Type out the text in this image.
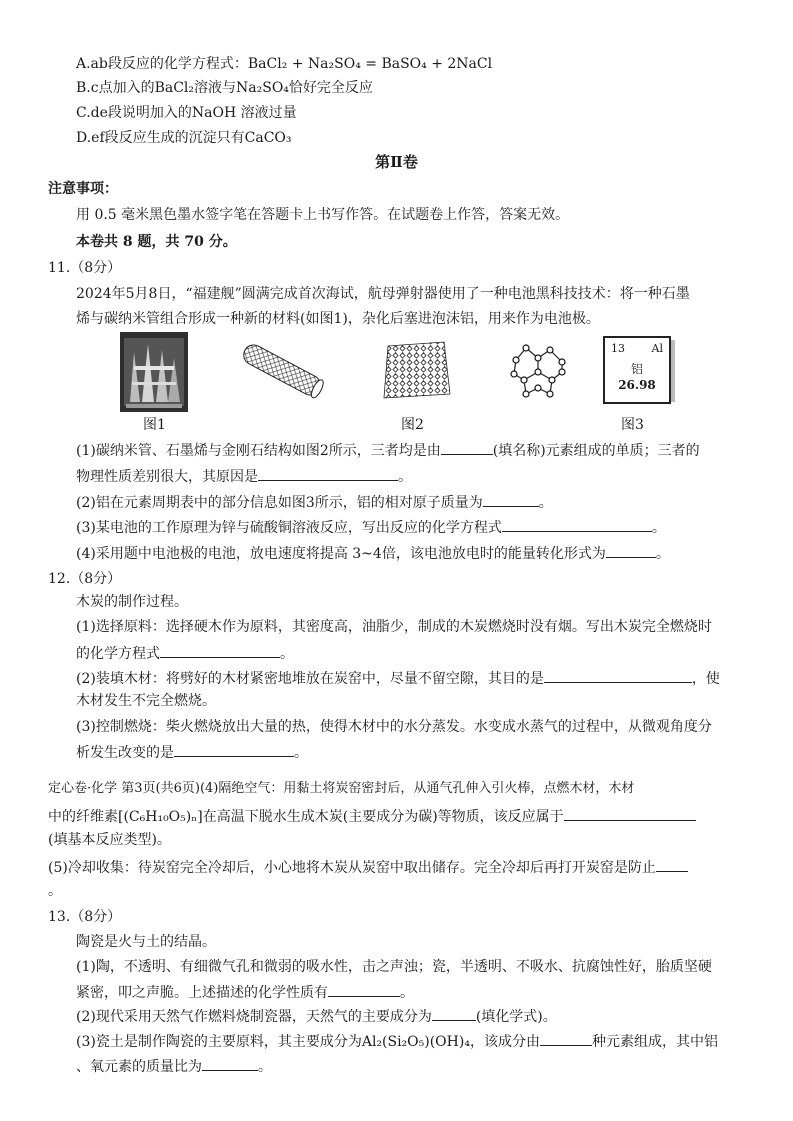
A.ab段反应的化学方程式：BaCl₂ + Na₂SO₄ = BaSO₄ + 2NaCl
B.c点加入的BaCl₂溶液与Na₂SO₄恰好完全反应
C.de段说明加入的NaOH 溶液过量
D.ef段反应生成的沉淀只有CaCO₃
第Ⅱ卷
注意事项：
用 0.5 毫米黑色墨水签字笔在答题卡上书写作答。在试题卷上作答，答案无效。
本卷共 8 题，共 70 分。
11.（8分）
2024年5月8日，“福建舰”圆满完成首次海试，航母弹射器使用了一种电池黑科技技术：将一种石墨
烯与碳纳米管组合形成一种新的材料(如图1)，杂化后塞进泡沫铝，用来作为电池极。
13 Al
铝
26.98
图1	图2	图3
(1)碳纳米管、石墨烯与金刚石结构如图2所示，三者均是由	(填名称)元素组成的单质；三者的
物理性质差别很大，其原因是	。
(2)铝在元素周期表中的部分信息如图3所示，铝的相对原子质量为	。
(3)某电池的工作原理为锌与硫酸铜溶液反应，写出反应的化学方程式	。
(4)采用题中电池极的电池，放电速度将提高 3~4倍，该电池放电时的能量转化形式为	。
12.（8分）
木炭的制作过程。
(1)选择原料：选择硬木作为原料，其密度高，油脂少，制成的木炭燃烧时没有烟。写出木炭完全燃烧时
的化学方程式	。
(2)装填木材：将劈好的木材紧密地堆放在炭窑中，尽量不留空隙，其目的是	，使
木材发生不完全燃烧。
(3)控制燃烧：柴火燃烧放出大量的热，使得木材中的水分蒸发。水变成水蒸气的过程中，从微观角度分
析发生改变的是	。
定心卷·化学 第3页(共6页)(4)隔绝空气：用黏土将炭窑密封后，从通气孔伸入引火棒，点燃木材，木材
中的纤维素[(C₆H₁₀O₅)ₙ]在高温下脱水生成木炭(主要成分为碳)等物质，该反应属于
(填基本反应类型)。
(5)冷却收集：待炭窑完全冷却后，小心地将木炭从炭窑中取出储存。完全冷却后再打开炭窑是防止
。
13.（8分）
陶瓷是火与土的结晶。
(1)陶，不透明、有细微气孔和微弱的吸水性，击之声浊；瓷，半透明、不吸水、抗腐蚀性好，胎质坚硬
紧密，叩之声脆。上述描述的化学性质有	。
(2)现代采用天然气作燃料烧制瓷器，天然气的主要成分为	(填化学式)。
(3)瓷土是制作陶瓷的主要原料，其主要成分为Al₂(Si₂O₅)(OH)₄，该成分由	种元素组成，其中铝
、氧元素的质量比为	。
